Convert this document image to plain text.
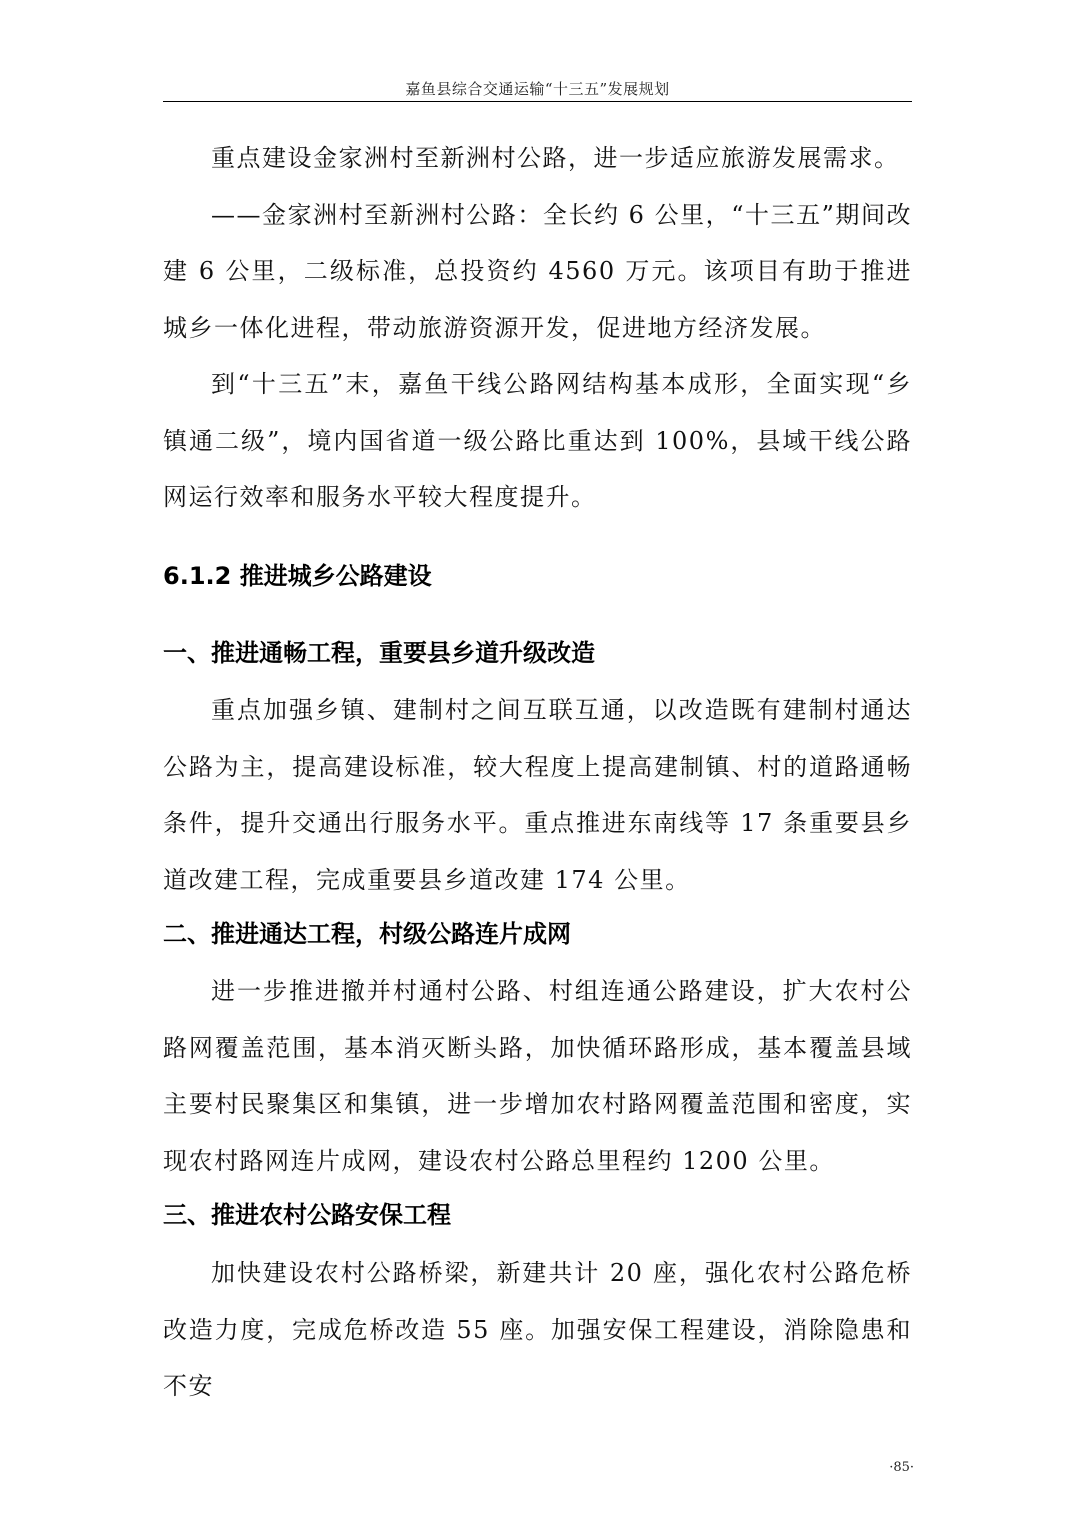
嘉鱼县综合交通运输“十三五”发展规划

重点建设金家洲村至新洲村公路，进一步适应旅游发展需求。

——金家洲村至新洲村公路：全长约 6 公里，“十三五”期间改建 6 公里，二级标准，总投资约 4560 万元。该项目有助于推进城乡一体化进程，带动旅游资源开发，促进地方经济发展。

到“十三五”末，嘉鱼干线公路网结构基本成形，全面实现“乡镇通二级”，境内国省道一级公路比重达到 100%，县域干线公路网运行效率和服务水平较大程度提升。

6.1.2 推进城乡公路建设
一、推进通畅工程，重要县乡道升级改造

重点加强乡镇、建制村之间互联互通，以改造既有建制村通达公路为主，提高建设标准，较大程度上提高建制镇、村的道路通畅条件，提升交通出行服务水平。重点推进东南线等 17 条重要县乡道改建工程，完成重要县乡道改建 174 公里。

二、推进通达工程，村级公路连片成网

进一步推进撤并村通村公路、村组连通公路建设，扩大农村公路网覆盖范围，基本消灭断头路，加快循环路形成，基本覆盖县域主要村民聚集区和集镇，进一步增加农村路网覆盖范围和密度，实现农村路网连片成网，建设农村公路总里程约 1200 公里。

三、推进农村公路安保工程

加快建设农村公路桥梁，新建共计 20 座，强化农村公路危桥改造力度，完成危桥改造 55 座。加强安保工程建设，消除隐患和不安

·85·
